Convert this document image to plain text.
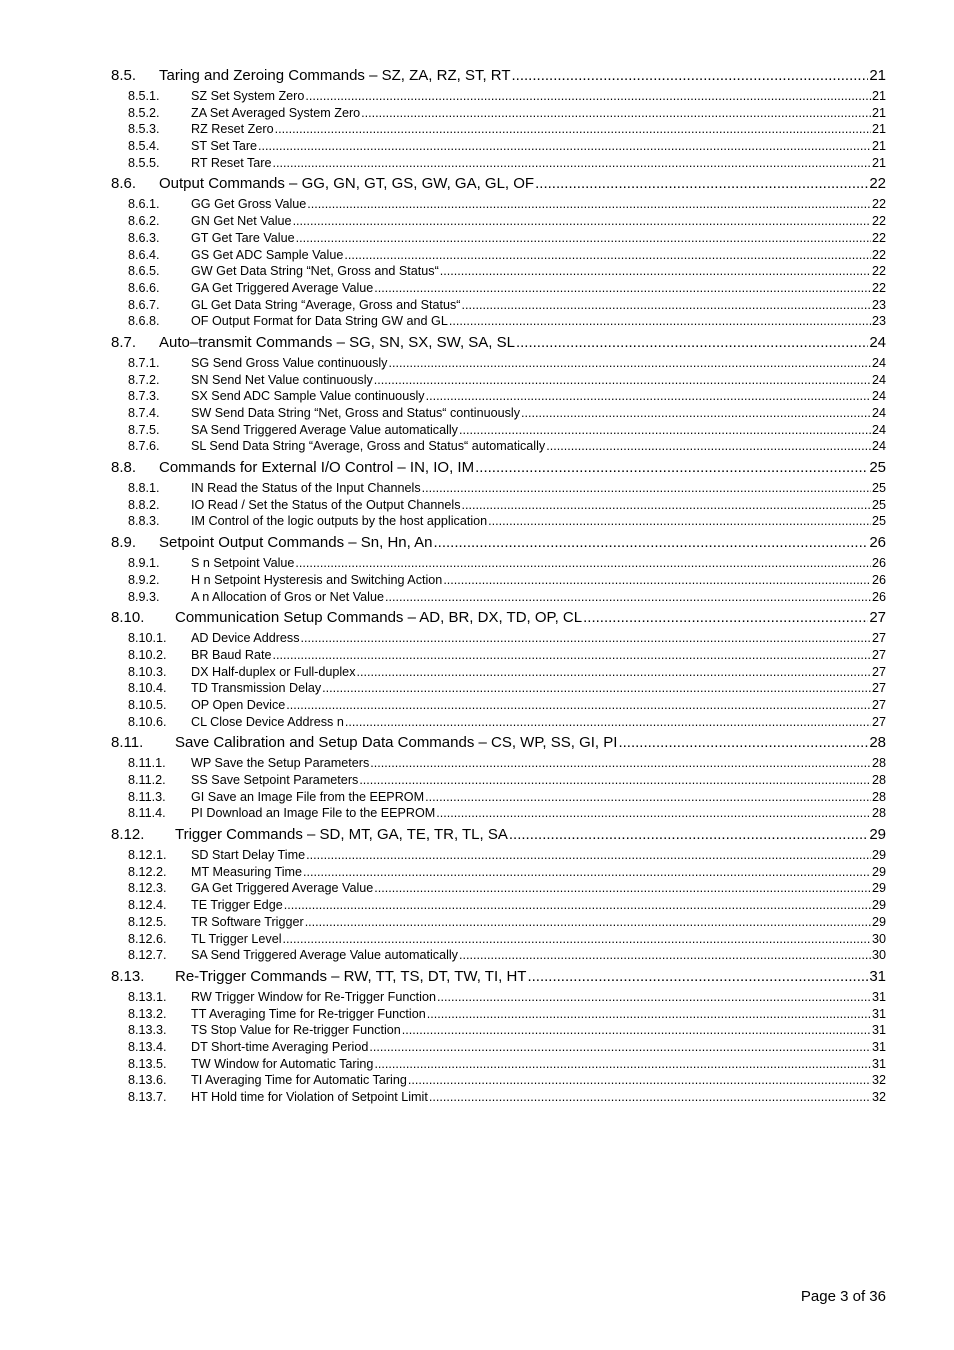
8.5.	Taring and Zeroing Commands – SZ, ZA, RZ, ST, RT .....	21
8.5.1.	SZ Set System Zero .....	21
8.5.2.	ZA Set Averaged System Zero .....	21
8.5.3.	RZ Reset Zero .....	21
8.5.4.	ST Set Tare .....	21
8.5.5.	RT Reset Tare .....	21
8.6.	Output Commands – GG, GN, GT, GS, GW, GA, GL, OF .....	22
8.6.1.	GG Get Gross Value .....	22
8.6.2.	GN Get Net Value .....	22
8.6.3.	GT Get Tare Value .....	22
8.6.4.	GS Get ADC Sample Value .....	22
8.6.5.	GW Get Data String “Net, Gross and Status“ .....	22
8.6.6.	GA Get Triggered Average Value .....	22
8.6.7.	GL Get Data String “Average, Gross and Status“ .....	23
8.6.8.	OF Output Format for Data String GW and GL .....	23
8.7.	Auto–transmit Commands – SG, SN, SX, SW, SA, SL .....	24
8.7.1.	SG Send Gross Value continuously .....	24
8.7.2.	SN Send Net Value continuously .....	24
8.7.3.	SX Send ADC Sample Value continuously .....	24
8.7.4.	SW Send Data String “Net, Gross and Status“ continuously .....	24
8.7.5.	SA Send Triggered Average Value automatically .....	24
8.7.6.	SL Send Data String “Average, Gross and Status“ automatically .....	24
8.8.	Commands for External I/O Control – IN, IO, IM .....	25
8.8.1.	IN Read the Status of the Input Channels .....	25
8.8.2.	IO Read / Set the Status of the Output Channels .....	25
8.8.3.	IM Control of the logic outputs by the host application .....	25
8.9.	Setpoint Output Commands – Sn, Hn, An .....	26
8.9.1.	S n Setpoint Value .....	26
8.9.2.	H n Setpoint Hysteresis and Switching Action .....	26
8.9.3.	A n Allocation of Gros or Net Value .....	26
8.10.	Communication Setup Commands – AD, BR, DX, TD, OP, CL .....	27
8.10.1.	AD Device Address .....	27
8.10.2.	BR Baud Rate .....	27
8.10.3.	DX Half-duplex or Full-duplex .....	27
8.10.4.	TD Transmission Delay .....	27
8.10.5.	OP Open Device .....	27
8.10.6.	CL Close Device Address n .....	27
8.11.	Save Calibration and Setup Data Commands – CS, WP, SS, GI, PI .....	28
8.11.1.	WP Save the Setup Parameters .....	28
8.11.2.	SS Save Setpoint Parameters .....	28
8.11.3.	GI Save an Image File from the EEPROM .....	28
8.11.4.	PI Download an Image File to the EEPROM .....	28
8.12.	Trigger Commands – SD, MT, GA, TE, TR, TL, SA .....	29
8.12.1.	SD Start Delay Time .....	29
8.12.2.	MT Measuring Time .....	29
8.12.3.	GA Get Triggered Average Value .....	29
8.12.4.	TE Trigger Edge .....	29
8.12.5.	TR Software Trigger .....	29
8.12.6.	TL Trigger Level .....	30
8.12.7.	SA Send Triggered Average Value automatically .....	30
8.13.	Re-Trigger Commands – RW, TT, TS, DT, TW, TI, HT .....	31
8.13.1.	RW Trigger Window for Re-Trigger Function .....	31
8.13.2.	TT Averaging Time for Re-trigger Function .....	31
8.13.3.	TS Stop Value for Re-trigger Function .....	31
8.13.4.	DT Short-time Averaging Period .....	31
8.13.5.	TW Window for Automatic Taring .....	31
8.13.6.	TI Averaging Time for Automatic Taring .....	32
8.13.7.	HT Hold time for Violation of Setpoint Limit .....	32
Page 3 of 36
